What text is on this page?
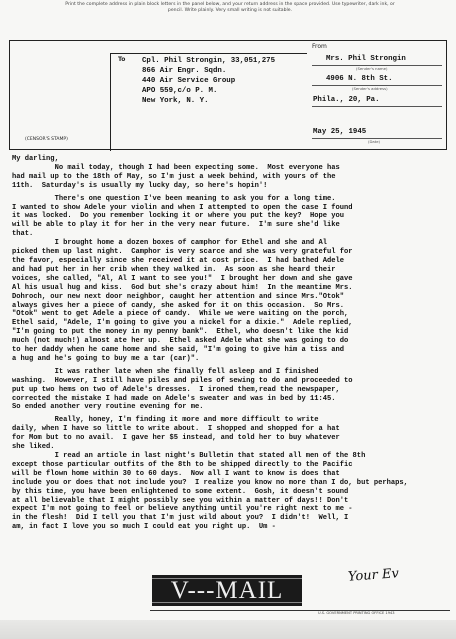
Print the complete address in plain block letters in the panel below, and your return address in the space provided. Use typewriter, dark ink, or pencil. Write plainly. Very small writing is not suitable.
(CENSOR'S STAMP)
To Cpl. Phil Strongin, 33,051,275
866 Air Engr. Sqdn.
440 Air Service Group
APO 559,c/o P. M.
New York, N. Y.
From
Mrs. Phil Strongin
(Sender's name)
4906 N. 8th St.
(Sender's address)
Phila., 20, Pa.
May 25, 1945
(Date)
My darling,
No mail today, though I had been expecting some.  Most everyone has
had mail up to the 18th of May, so I'm just a week behind, with yours of the
11th.  Saturday's is usually my lucky day, so here's hopin'!
There's one question I've been meaning to ask you for a long time.
I wanted to show Adele your violin and when I attempted to open the case I found
it was locked.  Do you remember locking it or where you put the key?  Hope you
will be able to play it for her in the very near future.  I'm sure she'd like
that.
I brought home a dozen boxes of camphor for Ethel and she and Al
picked them up last night.  Camphor is very scarce and she was very grateful for
the favor, especially since she received it at cost price.  I had bathed Adele
and had put her in her crib when they walked in.  As soon as she heard their
voices, she called, "Al, Al I want to see you!"  I brought her down and she gave
Al his usual hug and kiss.  God but she's crazy about him!  In the meantime Mrs.
Dohroch, our new next door neighbor, caught her attention and since Mrs."Otok"
always gives her a piece of candy, she asked for it on this occasion.  So Mrs.
"Otok" went to get Adele a piece of candy.  While we were waiting on the porch,
Ethel said, "Adele, I'm going to give you a nickel for a dixie."  Adele replied,
"I'm going to put the money in my penny bank".  Ethel, who doesn't like the kid
much (not much!) almost ate her up.  Ethel asked Adele what she was going to do
to her daddy when he came home and she said, "I'm going to give him a tiss and
a hug and he's going to buy me a tar (car)".
It was rather late when she finally fell asleep and I finished
washing.  However, I still have piles and piles of sewing to do and proceeded to
put up two hems on two of Adele's dresses.  I ironed them,read the newspaper,
corrected the mistake I had made on Adele's sweater and was in bed by 11:45.
So ended another very routine evening for me.
Really, honey, I'm finding it more and more difficult to write
daily, when I have so little to write about.  I shopped and shopped for a hat
for Mom but to no avail.  I gave her $5 instead, and told her to buy whatever
she liked.
I read an article in last night's Bulletin that stated all men of the 8th
except those particular outfits of the 8th to be shipped directly to the Pacific
will be flown home within 30 to 60 days.  Now all I want to know is does that
include you or does that not include you?  I realize you know no more than I do, but perhaps,
by this time, you have been enlightened to some extent.  Gosh, it doesn't sound
at all believable that I might possibly see you within a matter of days!! Don't
expect I'm not going to feel or believe anything until you're right next to me -
in the flesh!  Did I tell you that I'm just wild about you?  I didn't!  Well, I
am, in fact I love you so much I could eat you right up.  Um -
V---MAIL
Your Ev
U.S. GOVERNMENT PRINTING OFFICE 1943
